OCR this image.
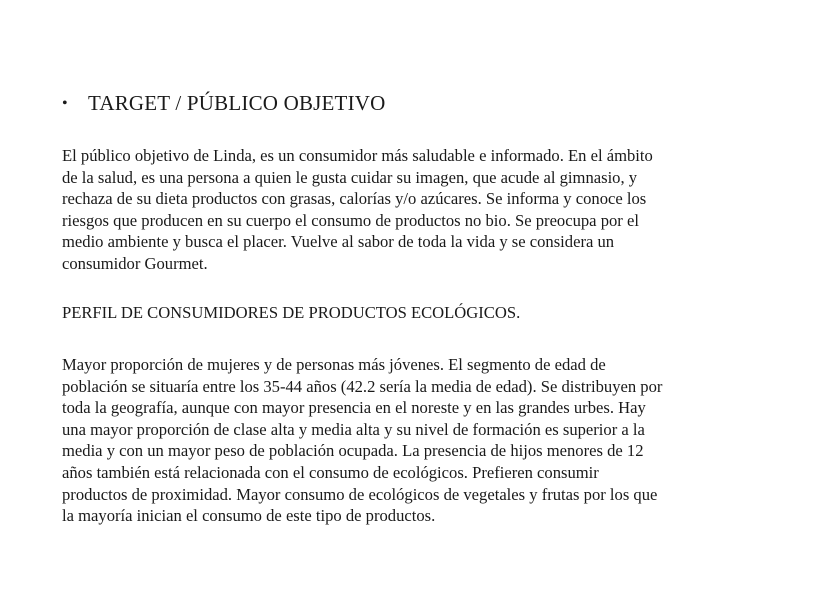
• TARGET / PÚBLICO OBJETIVO

El público objetivo de Linda, es un consumidor más saludable e informado. En el ámbito
de la salud, es una persona a quien le gusta cuidar su imagen, que acude al gimnasio, y
rechaza de su dieta productos con grasas, calorías y/o azúcares. Se informa y conoce los
riesgos que producen en su cuerpo el consumo de productos no bio. Se preocupa por el
medio ambiente y busca el placer. Vuelve al sabor de toda la vida y se considera un
consumidor Gourmet.

PERFIL DE CONSUMIDORES DE PRODUCTOS ECOLÓGICOS.

Mayor proporción de mujeres y de personas más jóvenes. El segmento de edad de
población se situaría entre los 35-44 años (42.2 sería la media de edad). Se distribuyen por
toda la geografía, aunque con mayor presencia en el noreste y en las grandes urbes. Hay
una mayor proporción de clase alta y media alta y su nivel de formación es superior a la
media y con un mayor peso de población ocupada. La presencia de hijos menores de 12
años también está relacionada con el consumo de ecológicos. Prefieren consumir
productos de proximidad. Mayor consumo de ecológicos de vegetales y frutas por los que
la mayoría inician el consumo de este tipo de productos.
